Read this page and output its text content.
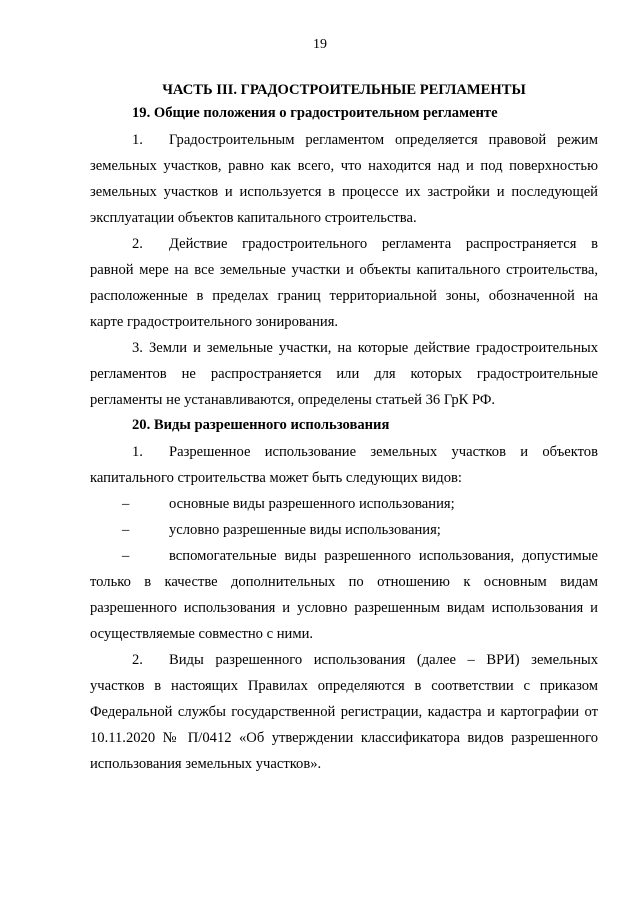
19
ЧАСТЬ III. ГРАДОСТРОИТЕЛЬНЫЕ РЕГЛАМЕНТЫ
19. Общие положения о градостроительном регламенте
1. Градостроительным регламентом определяется правовой режим земельных участков, равно как всего, что находится над и под поверхностью земельных участков и используется в процессе их застройки и последующей эксплуатации объектов капитального строительства.
2. Действие градостроительного регламента распространяется в равной мере на все земельные участки и объекты капитального строительства, расположенные в пределах границ территориальной зоны, обозначенной на карте градостроительного зонирования.
3. Земли и земельные участки, на которые действие градостроительных регламентов не распространяется или для которых градостроительные регламенты не устанавливаются, определены статьей 36 ГрК РФ.
20. Виды разрешенного использования
1. Разрешенное использование земельных участков и объектов капитального строительства может быть следующих видов:
–	основные виды разрешенного использования;
–	условно разрешенные виды использования;
–	вспомогательные виды разрешенного использования, допустимые только в качестве дополнительных по отношению к основным видам разрешенного использования и условно разрешенным видам использования и осуществляемые совместно с ними.
2. Виды разрешенного использования (далее – ВРИ) земельных участков в настоящих Правилах определяются в соответствии с приказом Федеральной службы государственной регистрации, кадастра и картографии от 10.11.2020 № П/0412 «Об утверждении классификатора видов разрешенного использования земельных участков».
